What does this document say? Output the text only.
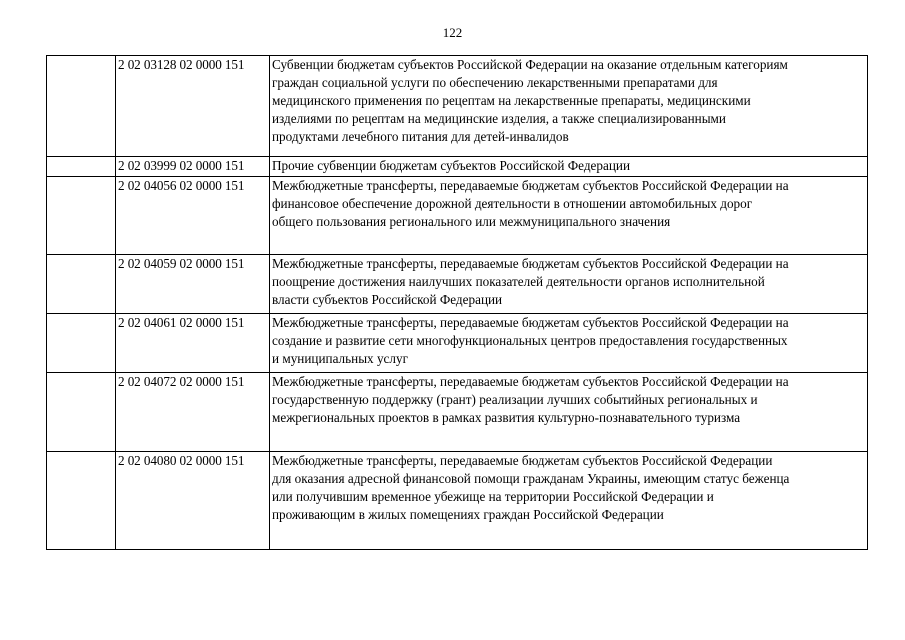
122
	2 02 03128 02 0000 151	Субвенции бюджетам субъектов Российской Федерации на оказание отдельным категориям
граждан социальной услуги по обеспечению лекарственными препаратами для
медицинского применения по рецептам на лекарственные препараты, медицинскими
изделиями по рецептам на медицинские изделия, а также специализированными
продуктами лечебного питания для детей-инвалидов

	2 02 03999 02 0000 151	Прочие субвенции бюджетам субъектов Российской Федерации

	2 02 04056 02 0000 151	Межбюджетные трансферты, передаваемые бюджетам субъектов Российской Федерации на
финансовое обеспечение дорожной деятельности в отношении автомобильных дорог
общего пользования регионального или межмуниципального значения

	2 02 04059 02 0000 151	Межбюджетные трансферты, передаваемые бюджетам субъектов Российской Федерации на
поощрение достижения наилучших показателей деятельности органов исполнительной
власти субъектов Российской Федерации

	2 02 04061 02 0000 151	Межбюджетные трансферты, передаваемые бюджетам субъектов Российской Федерации на
создание и развитие сети многофункциональных центров предоставления государственных
и муниципальных услуг

	2 02 04072 02 0000 151	Межбюджетные трансферты, передаваемые бюджетам субъектов Российской Федерации на
государственную поддержку (грант) реализации лучших событийных региональных и
межрегиональных проектов в рамках развития культурно-познавательного туризма

	2 02 04080 02 0000 151	Межбюджетные трансферты, передаваемые бюджетам субъектов Российской Федерации
для оказания адресной финансовой помощи гражданам Украины, имеющим статус беженца
или получившим временное убежище на территории Российской Федерации и
проживающим в жилых помещениях граждан Российской Федерации
